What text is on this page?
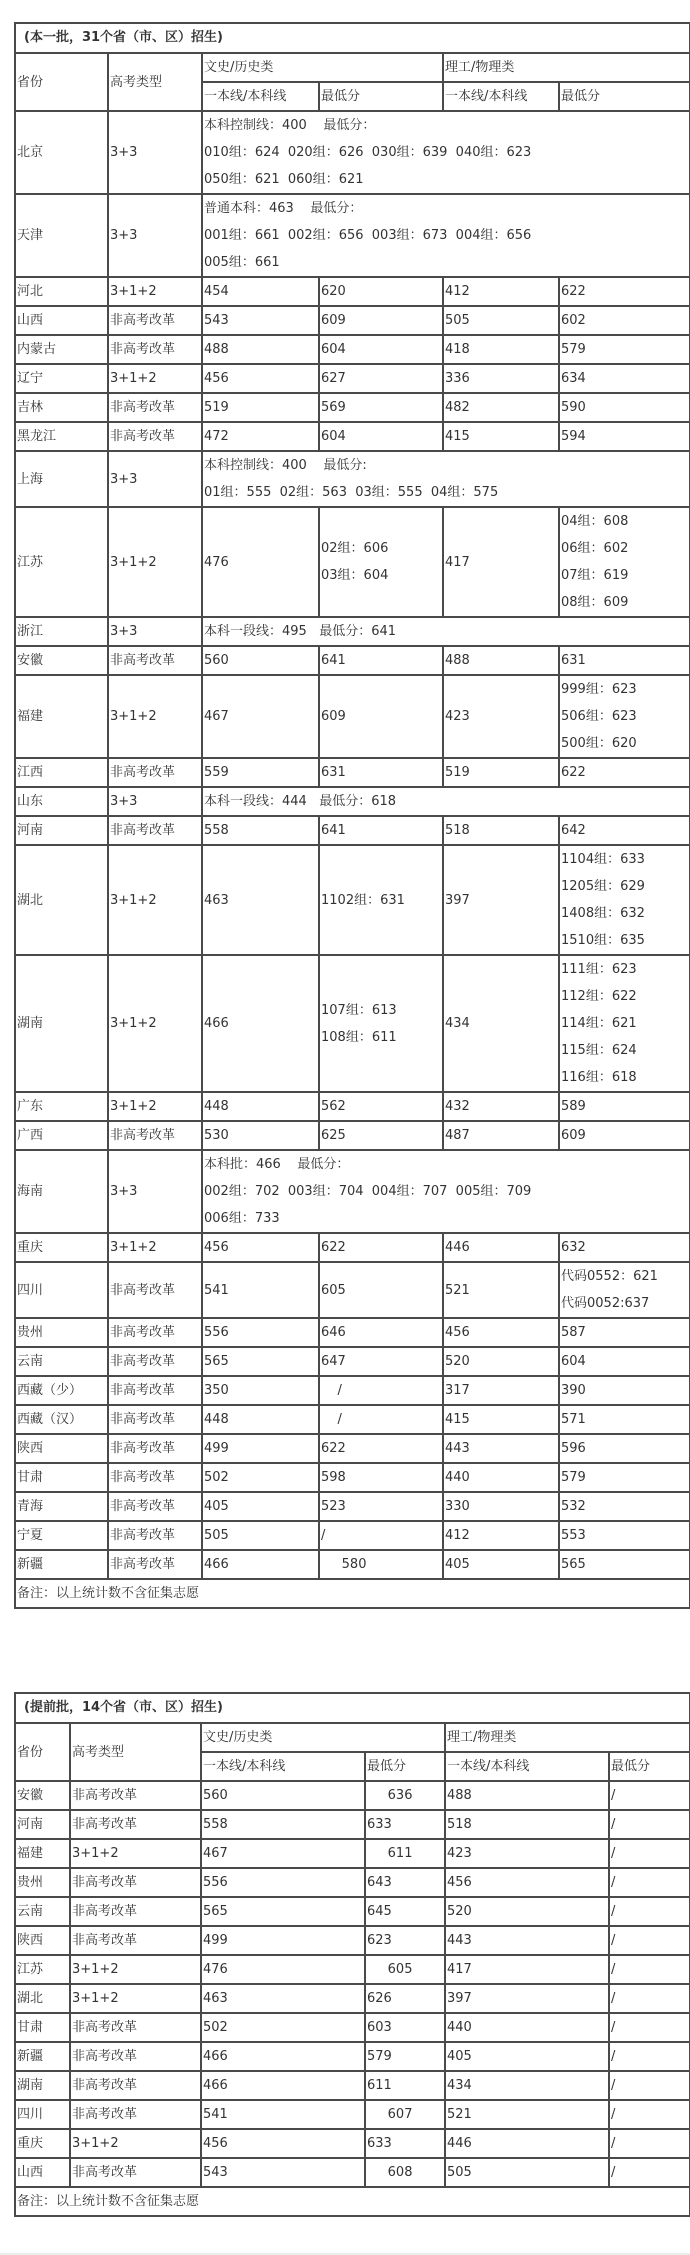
(本一批，31个省（市、区）招生)					
省份	高考类型	文史/历史类		理工/物理类	
		一本线/本科线	最低分	一本线/本科线	最低分
北京	3+3	本科控制线：400    最低分：
010组：624  020组：626  030组：639  040组：623
050组：621  060组：621			

天津	3+3	普通本科：463    最低分：
001组：661  002组：656  003组：673  004组：656
005组：661			

河北	3+1+2	454	620	412	622

山西	非高考改革	543	609	505	602

内蒙古	非高考改革	488	604	418	579

辽宁	3+1+2	456	627	336	634

吉林	非高考改革	519	569	482	590

黑龙江	非高考改革	472	604	415	594

上海	3+3	本科控制线：400    最低分:
01组：555  02组：563  03组：555  04组：575			

江苏	3+1+2	476	02组：606
03组：604	417	04组：608
06组：602
07组：619
08组：609

浙江	3+3	本科一段线：495   最低分：641			

安徽	非高考改革	560	641	488	631

福建	3+1+2	467	609	423	999组：623
506组：623
500组：620

江西	非高考改革	559	631	519	622

山东	3+3	本科一段线：444   最低分：618			

河南	非高考改革	558	641	518	642

湖北	3+1+2	463	1102组：631	397	1104组：633
1205组：629
1408组：632
1510组：635

湖南	3+1+2	466	107组：613
108组：611	434	111组：623
112组：622
114组：621
115组：624
116组：618

广东	3+1+2	448	562	432	589

广西	非高考改革	530	625	487	609

海南	3+3	本科批：466    最低分：
002组：702  003组：704  004组：707  005组：709
006组：733			

重庆	3+1+2	456	622	446	632

四川	非高考改革	541	605	521	代码0552：621
代码0052:637

贵州	非高考改革	556	646	456	587

云南	非高考改革	565	647	520	604

西藏（少）	非高考改革	350	/	317	390

西藏（汉）	非高考改革	448	/	415	571

陕西	非高考改革	499	622	443	596

甘肃	非高考改革	502	598	440	579

青海	非高考改革	405	523	330	532

宁夏	非高考改革	505	/	412	553

新疆	非高考改革	466	580	405	565

备注：以上统计数不含征集志愿					
(提前批，14个省（市、区）招生)					
省份	高考类型	文史/历史类		理工/物理类	
		一本线/本科线	最低分	一本线/本科线	最低分
安徽	非高考改革	560	636	488	/

河南	非高考改革	558	633	518	/

福建	3+1+2	467	611	423	/

贵州	非高考改革	556	643	456	/

云南	非高考改革	565	645	520	/

陕西	非高考改革	499	623	443	/

江苏	3+1+2	476	605	417	/

湖北	3+1+2	463	626	397	/

甘肃	非高考改革	502	603	440	/

新疆	非高考改革	466	579	405	/

湖南	非高考改革	466	611	434	/

四川	非高考改革	541	607	521	/

重庆	3+1+2	456	633	446	/

山西	非高考改革	543	608	505	/

备注：以上统计数不含征集志愿					
